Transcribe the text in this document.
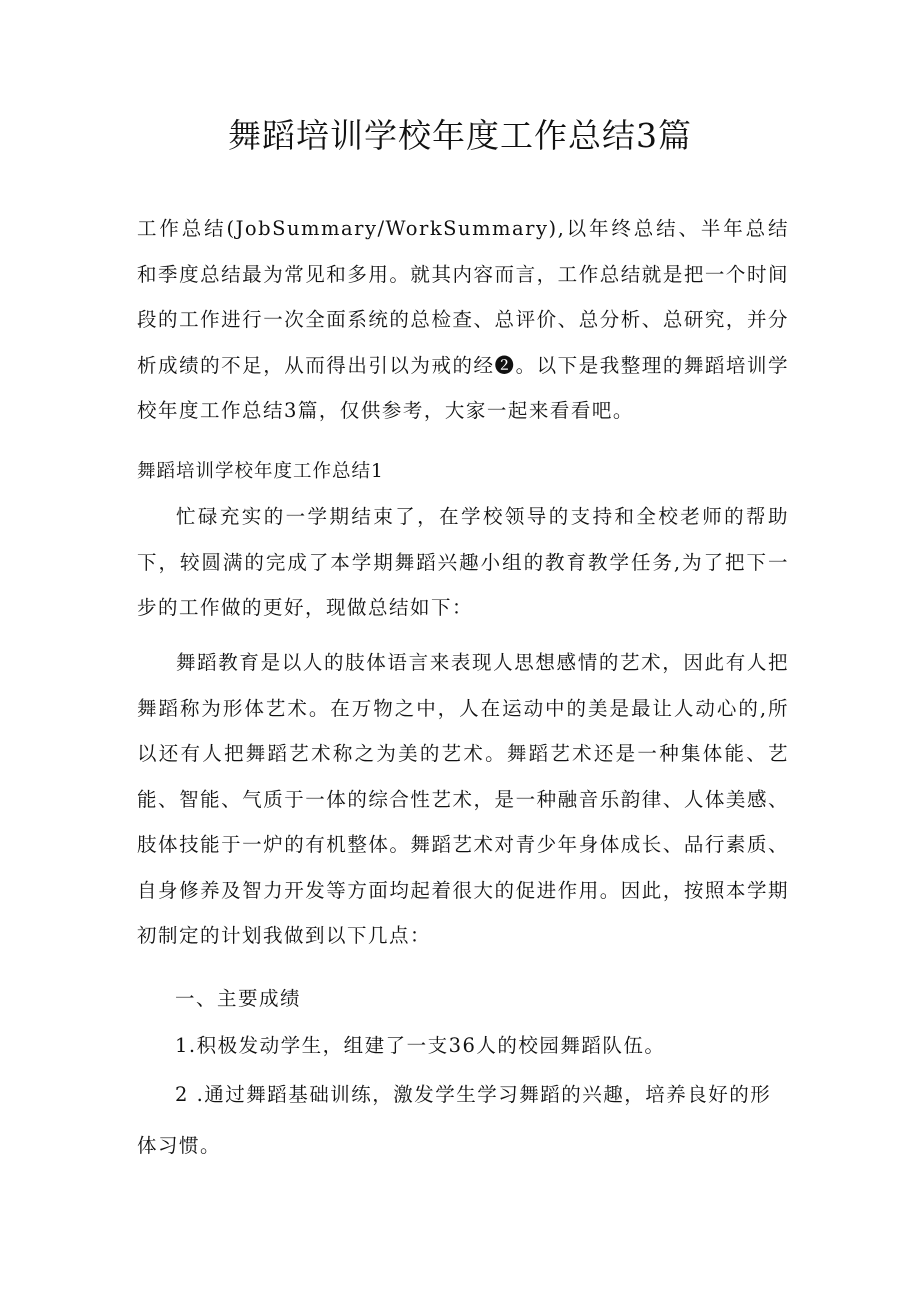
舞蹈培训学校年度工作总结3篇

工作总结(JobSummary/WorkSummary),以年终总结、半年总结和季度总结最为常见和多用。就其内容而言，工作总结就是把一个时间段的工作进行一次全面系统的总检查、总评价、总分析、总研究，并分析成绩的不足，从而得出引以为戒的经❷。以下是我整理的舞蹈培训学校年度工作总结3篇，仅供参考，大家一起来看看吧。

舞蹈培训学校年度工作总结1

忙碌充实的一学期结束了，在学校领导的支持和全校老师的帮助下，较圆满的完成了本学期舞蹈兴趣小组的教育教学任务,为了把下一步的工作做的更好，现做总结如下：

舞蹈教育是以人的肢体语言来表现人思想感情的艺术，因此有人把舞蹈称为形体艺术。在万物之中，人在运动中的美是最让人动心的,所以还有人把舞蹈艺术称之为美的艺术。舞蹈艺术还是一种集体能、艺能、智能、气质于一体的综合性艺术，是一种融音乐韵律、人体美感、肢体技能于一炉的有机整体。舞蹈艺术对青少年身体成长、品行素质、自身修养及智力开发等方面均起着很大的促进作用。因此，按照本学期初制定的计划我做到以下几点：

一、主要成绩

1.积极发动学生，组建了一支36人的校园舞蹈队伍。

2 .通过舞蹈基础训练，激发学生学习舞蹈的兴趣，培养良好的形

体习惯。
